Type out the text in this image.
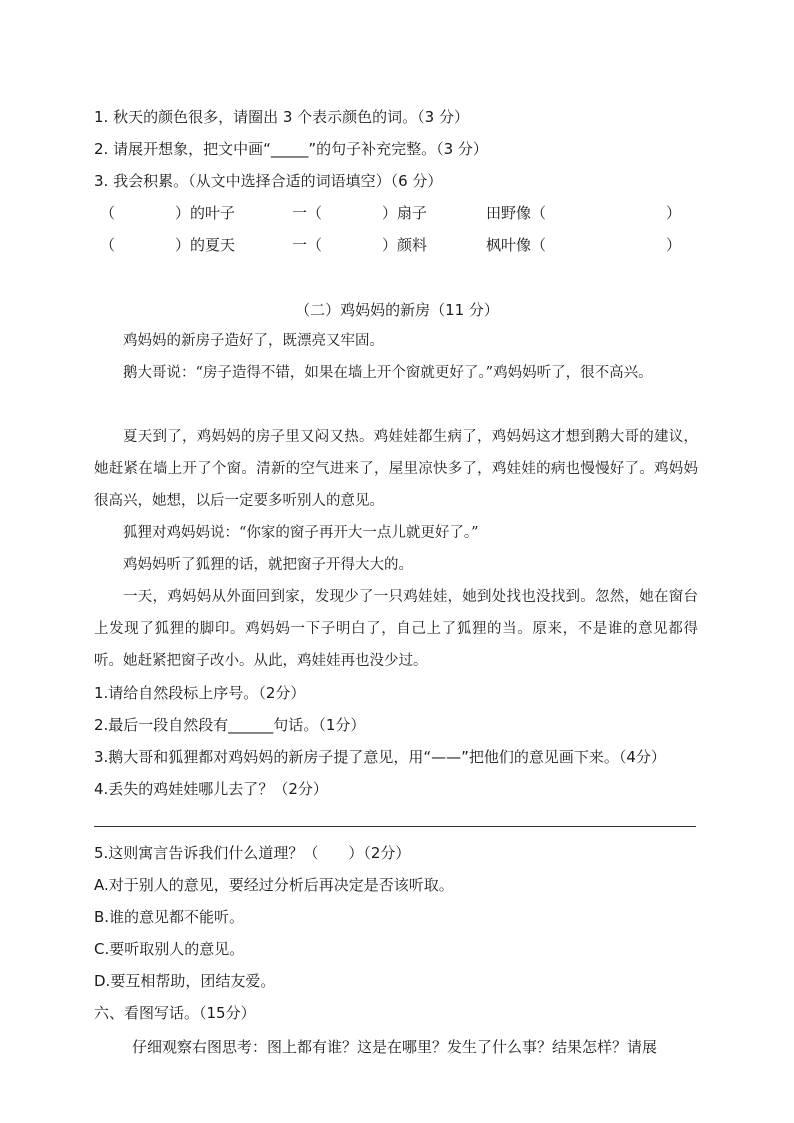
1. 秋天的颜色很多，请圈出 3 个表示颜色的词。（3 分）
2. 请展开想象，把文中画“_____”的句子补充完整。（3 分）
3. 我会积累。（从文中选择合适的词语填空）（6 分）
（　　　　）的叶子	一（　　　　）扇子	田野像（　　　　　　　　）
（　　　　）的夏天	一（　　　　）颜料	枫叶像（　　　　　　　　）
（二）鸡妈妈的新房（11 分）
鸡妈妈的新房子造好了，既漂亮又牢固。
鹅大哥说：“房子造得不错，如果在墙上开个窗就更好了。”鸡妈妈听了，很不高兴。
夏天到了，鸡妈妈的房子里又闷又热。鸡娃娃都生病了，鸡妈妈这才想到鹅大哥的建议，她赶紧在墙上开了个窗。清新的空气进来了，屋里凉快多了，鸡娃娃的病也慢慢好了。鸡妈妈很高兴，她想，以后一定要多听别人的意见。
狐狸对鸡妈妈说：“你家的窗子再开大一点儿就更好了。”
鸡妈妈听了狐狸的话，就把窗子开得大大的。
一天，鸡妈妈从外面回到家，发现少了一只鸡娃娃，她到处找也没找到。忽然，她在窗台上发现了狐狸的脚印。鸡妈妈一下子明白了，自己上了狐狸的当。原来，不是谁的意见都得听。她赶紧把窗子改小。从此，鸡娃娃再也没少过。
1.请给自然段标上序号。（2分）
2.最后一段自然段有______句话。（1分）
3.鹅大哥和狐狸都对鸡妈妈的新房子提了意见，用“——”把他们的意见画下来。（4分）
4.丢失的鸡娃娃哪儿去了？（2分）
5.这则寓言告诉我们什么道理？（　　）（2分）
A.对于别人的意见，要经过分析后再决定是否该听取。
B.谁的意见都不能听。
C.要听取别人的意见。
D.要互相帮助，团结友爱。
六、看图写话。（15分）
仔细观察右图思考：图上都有谁？这是在哪里？发生了什么事？结果怎样？请展
